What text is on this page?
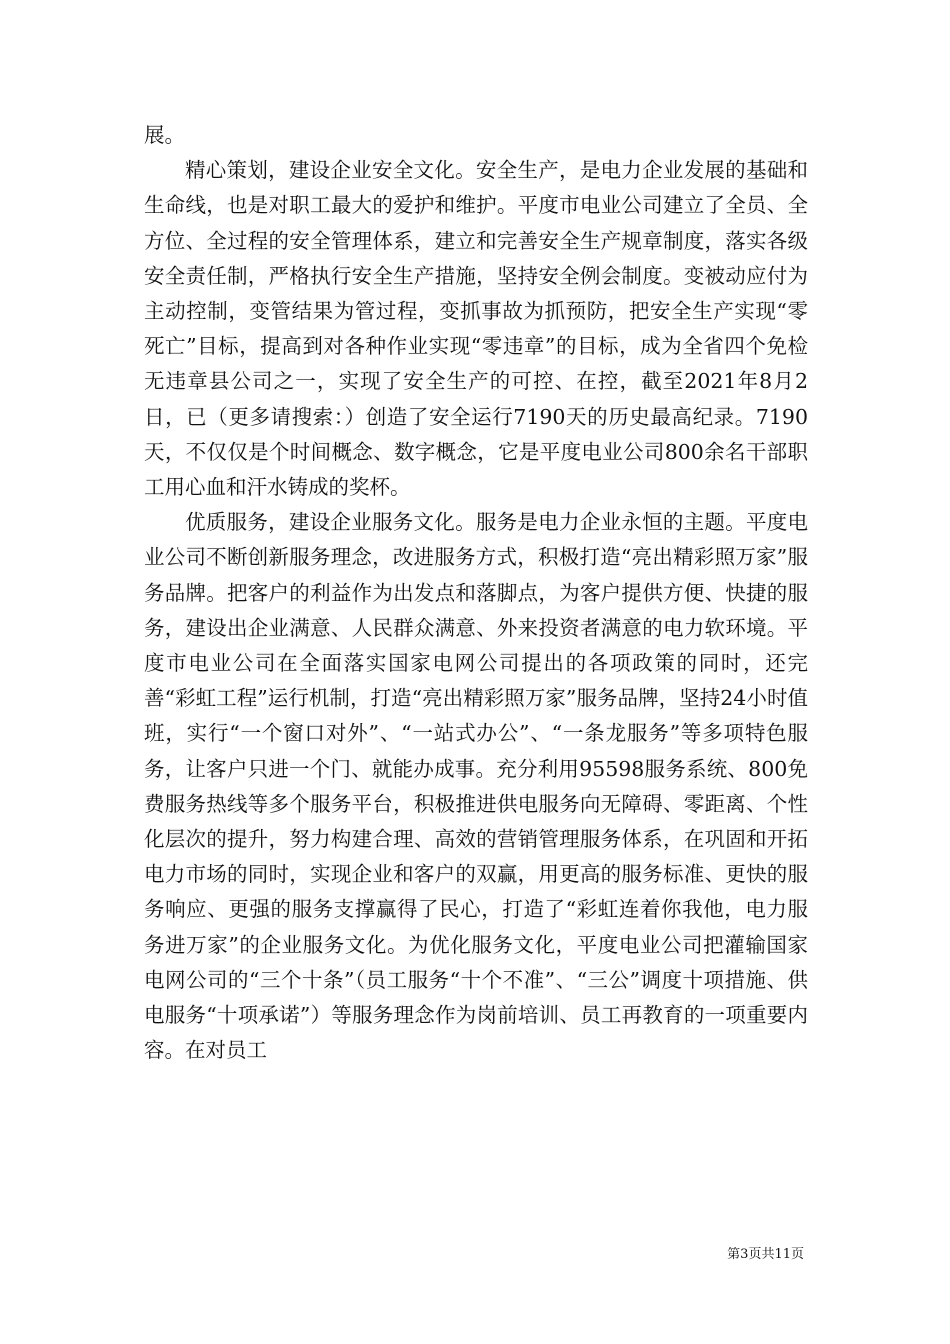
展。

精心策划，建设企业安全文化。安全生产，是电力企业发展的基础和生命线，也是对职工最大的爱护和维护。平度市电业公司建立了全员、全方位、全过程的安全管理体系，建立和完善安全生产规章制度，落实各级安全责任制，严格执行安全生产措施，坚持安全例会制度。变被动应付为主动控制，变管结果为管过程，变抓事故为抓预防，把安全生产实现“零死亡”目标，提高到对各种作业实现“零违章”的目标，成为全省四个免检无违章县公司之一，实现了安全生产的可控、在控，截至2021年8月2日，已（更多请搜索：）创造了安全运行7190天的历史最高纪录。7190天，不仅仅是个时间概念、数字概念，它是平度电业公司800余名干部职工用心血和汗水铸成的奖杯。

优质服务，建设企业服务文化。服务是电力企业永恒的主题。平度电业公司不断创新服务理念，改进服务方式，积极打造“亮出精彩照万家”服务品牌。把客户的利益作为出发点和落脚点，为客户提供方便、快捷的服务，建设出企业满意、人民群众满意、外来投资者满意的电力软环境。平度市电业公司在全面落实国家电网公司提出的各项政策的同时，还完善“彩虹工程”运行机制，打造“亮出精彩照万家”服务品牌，坚持24小时值班，实行“一个窗口对外”、“一站式办公”、“一条龙服务”等多项特色服务，让客户只进一个门、就能办成事。充分利用95598服务系统、800免费服务热线等多个服务平台，积极推进供电服务向无障碍、零距离、个性化层次的提升，努力构建合理、高效的营销管理服务体系，在巩固和开拓电力市场的同时，实现企业和客户的双赢，用更高的服务标准、更快的服务响应、更强的服务支撑赢得了民心，打造了“彩虹连着你我他，电力服务进万家”的企业服务文化。为优化服务文化，平度电业公司把灌输国家电网公司的“三个十条”（员工服务“十个不准”、“三公”调度十项措施、供电服务“十项承诺”）等服务理念作为岗前培训、员工再教育的一项重要内容。在对员工

第3页共11页
